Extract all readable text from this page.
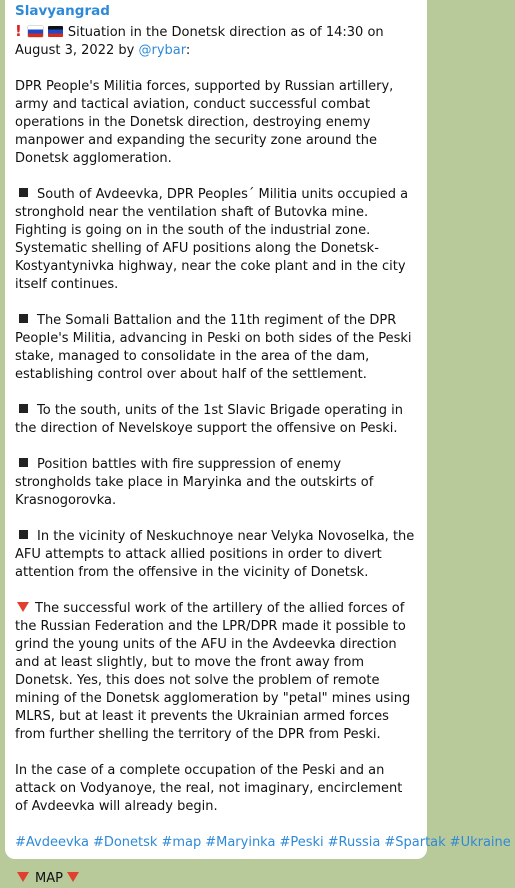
Slavyangrad

!	Situation in the Donetsk direction as of 14:30 on August 3, 2022 by @rybar:

DPR People's Militia forces, supported by Russian artillery, army and tactical aviation, conduct successful combat operations in the Donetsk direction, destroying enemy manpower and expanding the security zone around the Donetsk agglomeration.

South of Avdeevka, DPR Peoples´ Militia units occupied a stronghold near the ventilation shaft of Butovka mine. Fighting is going on in the south of the industrial zone. Systematic shelling of AFU positions along the Donetsk-Kostyantynivka highway, near the coke plant and in the city itself continues.

The Somali Battalion and the 11th regiment of the DPR People's Militia, advancing in Peski on both sides of the Peski stake, managed to consolidate in the area of the dam, establishing control over about half of the settlement.

To the south, units of the 1st Slavic Brigade operating in the direction of Nevelskoye support the offensive on Peski.

Position battles with fire suppression of enemy strongholds take place in Maryinka and the outskirts of Krasnogorovka.

In the vicinity of Neskuchnoye near Velyka Novoselka, the AFU attempts to attack allied positions in order to divert attention from the offensive in the vicinity of Donetsk.

The successful work of the artillery of the allied forces of the Russian Federation and the LPR/DPR made it possible to grind the young units of the AFU in the Avdeevka direction and at least slightly, but to move the front away from Donetsk. Yes, this does not solve the problem of remote mining of the Donetsk agglomeration by "petal" mines using MLRS, but at least it prevents the Ukrainian armed forces from further shelling the territory of the DPR from Peski.

In the case of a complete occupation of the Peski and an attack on Vodyanoye, the real, not imaginary, encirclement of Avdeevka will already begin.

#Avdeevka #Donetsk #map #Maryinka #Peski #Russia #Spartak #Ukraine

MAP
